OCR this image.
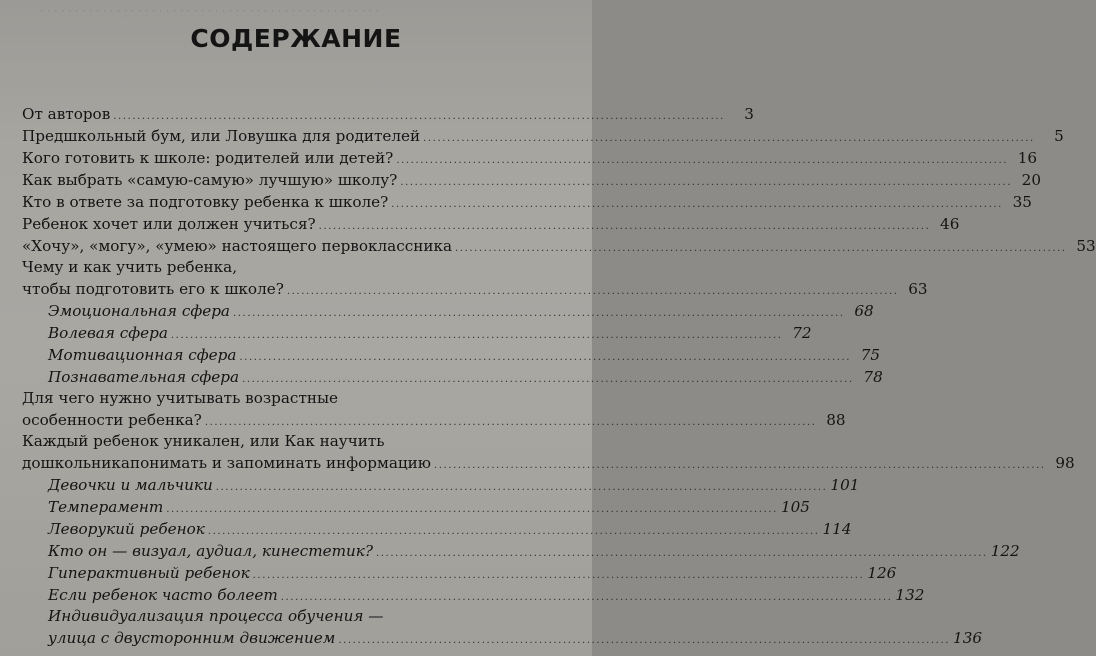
. . . . . . . . . . . . . . . . . . . . . . . . . . . . . . . . . . . . . . . . . . . . . . . . .
СОДЕРЖАНИЕ
От авторов ................................................................................................................................	3
Предшкольный бум, или Ловушка для родителей ................................................................................................................................	5
Кого готовить к школе: родителей или детей? ................................................................................................................................ 16
Как выбрать «самую-самую» лучшую» школу? ................................................................................................................................ 20
Кто в ответе за подготовку ребенка к школе? ................................................................................................................................ 35
Ребенок хочет или должен учиться? ................................................................................................................................ 46
«Хочу», «могу», «умею» настоящего первоклассника ................................................................................................................................ 53
Чему и как учить ребенка,
чтобы подготовить его к школе? ................................................................................................................................ 63
Эмоциональная сфера ................................................................................................................................ 68
Волевая сфера ................................................................................................................................ 72
Мотивационная сфера ................................................................................................................................ 75
Познавательная сфера ................................................................................................................................ 78
Для чего нужно учитывать возрастные
особенности ребенка? ................................................................................................................................ 88
Каждый ребенок уникален, или Как научить
дошкольникапонимать и запоминать информацию ................................................................................................................................ 98
Девочки и мальчики ................................................................................................................................ 101
Темперамент ................................................................................................................................ 105
Леворукий ребенок ................................................................................................................................ 114
Кто он — визуал, аудиал, кинестетик? ................................................................................................................................ 122
Гиперактивный ребенок ................................................................................................................................ 126
Если ребенок часто болеет ................................................................................................................................ 132
Индивидуализация процесса обучения —
улица с двусторонним движением ................................................................................................................................ 136
